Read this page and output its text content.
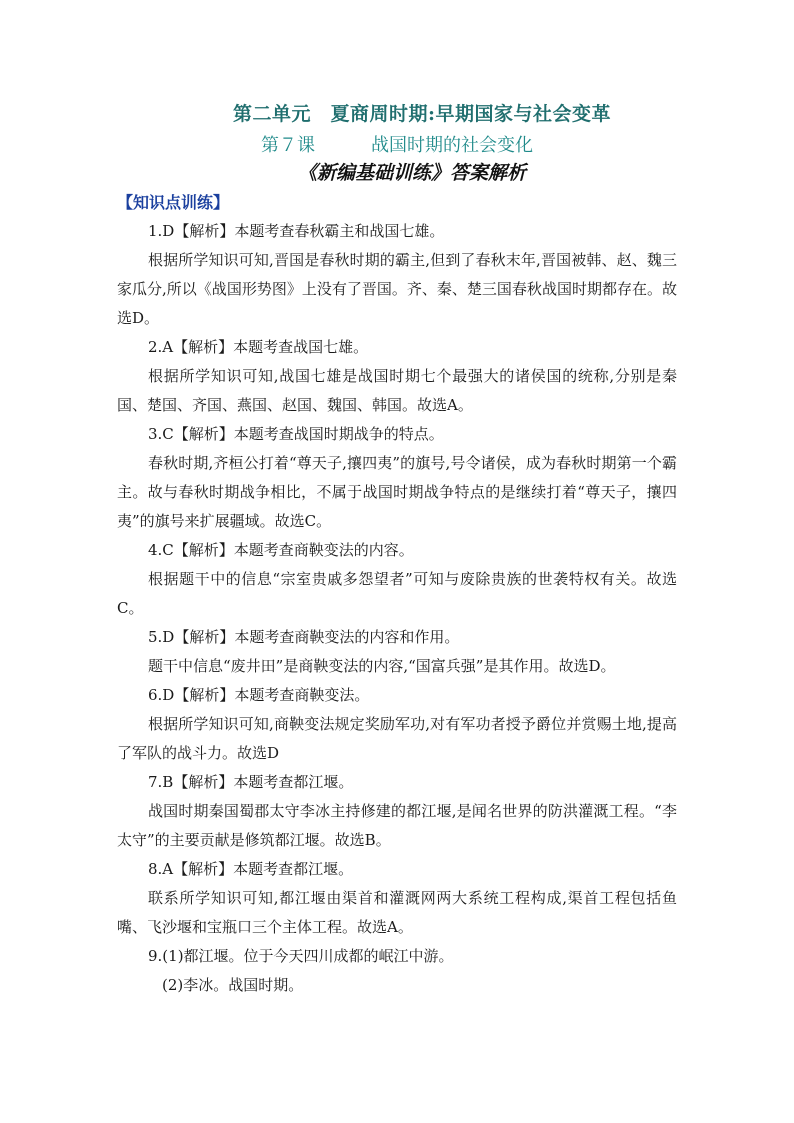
第二单元　夏商周时期:早期国家与社会变革
第７课	战国时期的社会变化
《新编基础训练》答案解析
【知识点训练】

1.D【解析】本题考查春秋霸主和战国七雄。

根据所学知识可知,晋国是春秋时期的霸主,但到了春秋末年,晋国被韩、赵、魏三家瓜分,所以《战国形势图》上没有了晋国。齐、秦、楚三国春秋战国时期都存在。故选D。

2.A【解析】本题考查战国七雄。

根据所学知识可知,战国七雄是战国时期七个最强大的诸侯国的统称,分别是秦国、楚国、齐国、燕国、赵国、魏国、韩国。故选A。

3.C【解析】本题考查战国时期战争的特点。

春秋时期,齐桓公打着“尊天子,攘四夷”的旗号,号令诸侯，成为春秋时期第一个霸主。故与春秋时期战争相比，不属于战国时期战争特点的是继续打着“尊天子，攘四夷”的旗号来扩展疆域。故选C。

4.C【解析】本题考查商鞅变法的内容。

根据题干中的信息“宗室贵戚多怨望者”可知与废除贵族的世袭特权有关。故选C。

5.D【解析】本题考查商鞅变法的内容和作用。

题干中信息“废井田”是商鞅变法的内容,“国富兵强”是其作用。故选D。

6.D【解析】本题考查商鞅变法。

根据所学知识可知,商鞅变法规定奖励军功,对有军功者授予爵位并赏赐土地,提高了军队的战斗力。故选D

7.B【解析】本题考查都江堰。

战国时期秦国蜀郡太守李冰主持修建的都江堰,是闻名世界的防洪灌溉工程。“李太守”的主要贡献是修筑都江堰。故选B。

8.A【解析】本题考查都江堰。

联系所学知识可知,都江堰由渠首和灌溉网两大系统工程构成,渠首工程包括鱼嘴、飞沙堰和宝瓶口三个主体工程。故选A。

9.(1)都江堰。位于今天四川成都的岷江中游。

(2)李冰。战国时期。
